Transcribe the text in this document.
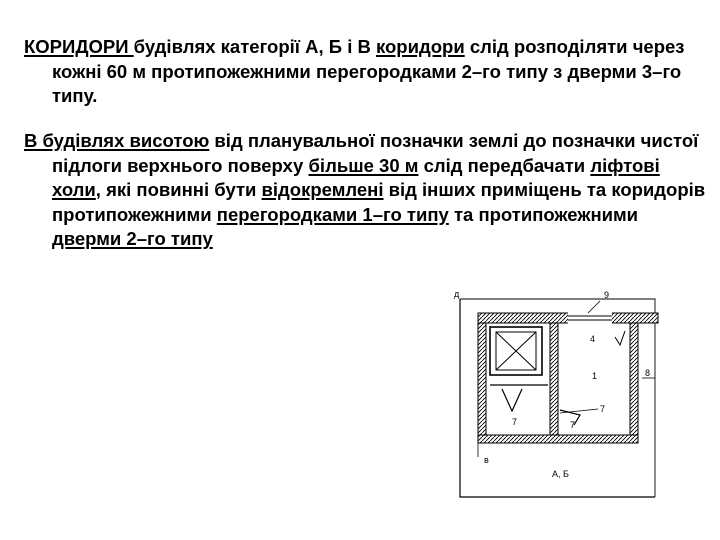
КОРИДОРИ будівлях категорії А, Б і В коридори слід розподіляти через кожні 60 м протипожежними перегородками 2–го типу з дверми 3–го типу.
В будівлях висотою від планувальної позначки землі до позначки чистої підлоги верхнього поверху більше 30 м слід передбачати ліфтові холи, які повинні бути відокремлені від інших приміщень та коридорів протипожежними перегородками 1–го типу та протипожежними дверми 2–го типу
д	9
4
1	8
7	7
7
в
А, Б
